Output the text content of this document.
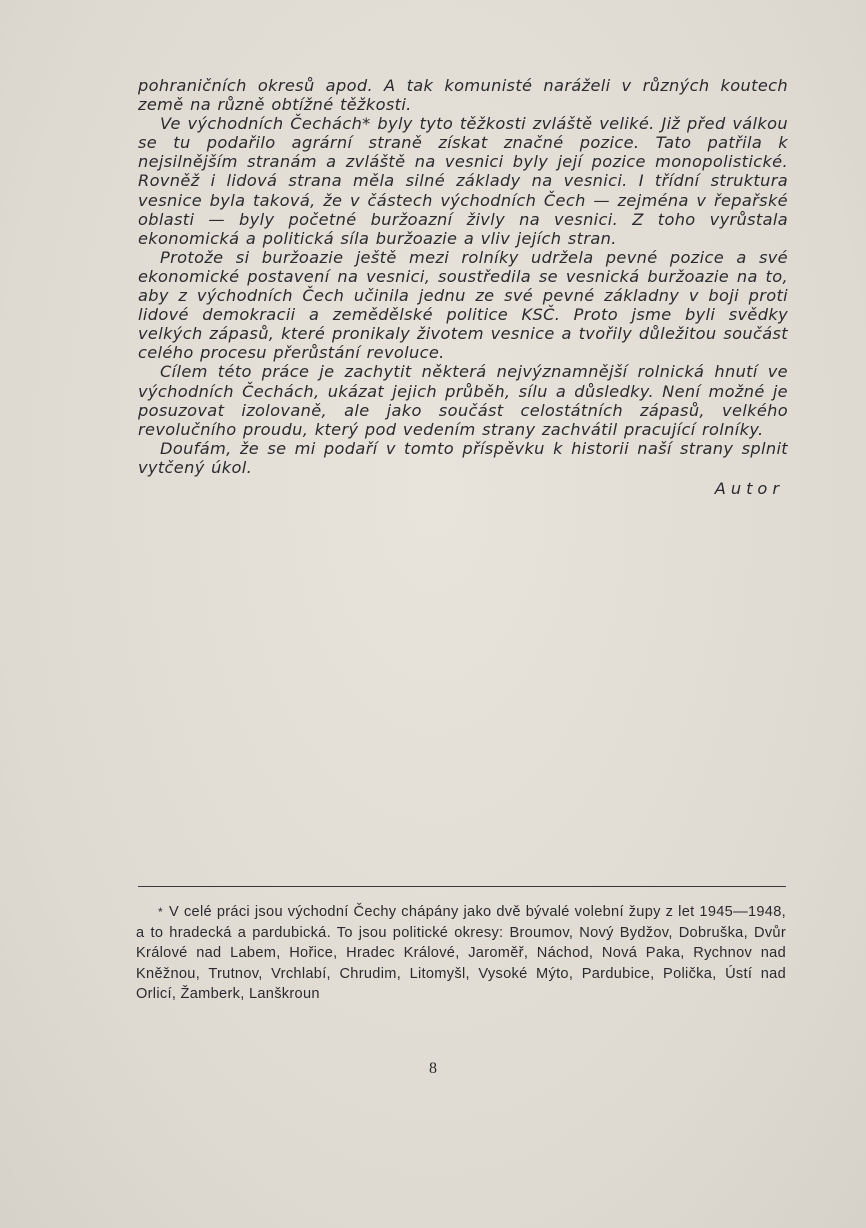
pohraničních okresů apod. A tak komunisté naráželi v různých koutech země na různě obtížné těžkosti.

Ve východních Čechách* byly tyto těžkosti zvláště veliké. Již před válkou se tu podařilo agrární straně získat značné pozice. Tato patřila k nejsilnějším stranám a zvláště na vesnici byly její pozice monopolistické. Rovněž i lidová strana měla silné základy na vesnici. I třídní struktura vesnice byla taková, že v částech východních Čech — zejména v řepařské oblasti — byly početné buržoazní živly na vesnici. Z toho vyrůstala ekonomická a politická síla buržoazie a vliv jejích stran.

Protože si buržoazie ještě mezi rolníky udržela pevné pozice a své ekonomické postavení na vesnici, soustředila se vesnická buržoazie na to, aby z východních Čech učinila jednu ze své pevné základny v boji proti lidové demokracii a zemědělské politice KSČ. Proto jsme byli svědky velkých zápasů, které pronikaly životem vesnice a tvořily důležitou součást celého procesu přerůstání revoluce.

Cílem této práce je zachytit některá nejvýznamnější rolnická hnutí ve východních Čechách, ukázat jejich průběh, sílu a důsledky. Není možné je posuzovat izolovaně, ale jako součást celostátních zápasů, velkého revolučního proudu, který pod vedením strany zachvátil pracující rolníky.

Doufám, že se mi podaří v tomto příspěvku k historii naší strany splnit vytčený úkol.

Autor
* V celé práci jsou východní Čechy chápány jako dvě bývalé volební župy z let 1945—1948, a to hradecká a pardubická. To jsou politické okresy: Broumov, Nový Bydžov, Dobruška, Dvůr Králové nad Labem, Hořice, Hradec Králové, Jaroměř, Náchod, Nová Paka, Rychnov nad Kněžnou, Trutnov, Vrchlabí, Chrudim, Litomyšl, Vysoké Mýto, Pardubice, Polička, Ústí nad Orlicí, Žamberk, Lanškroun
8
